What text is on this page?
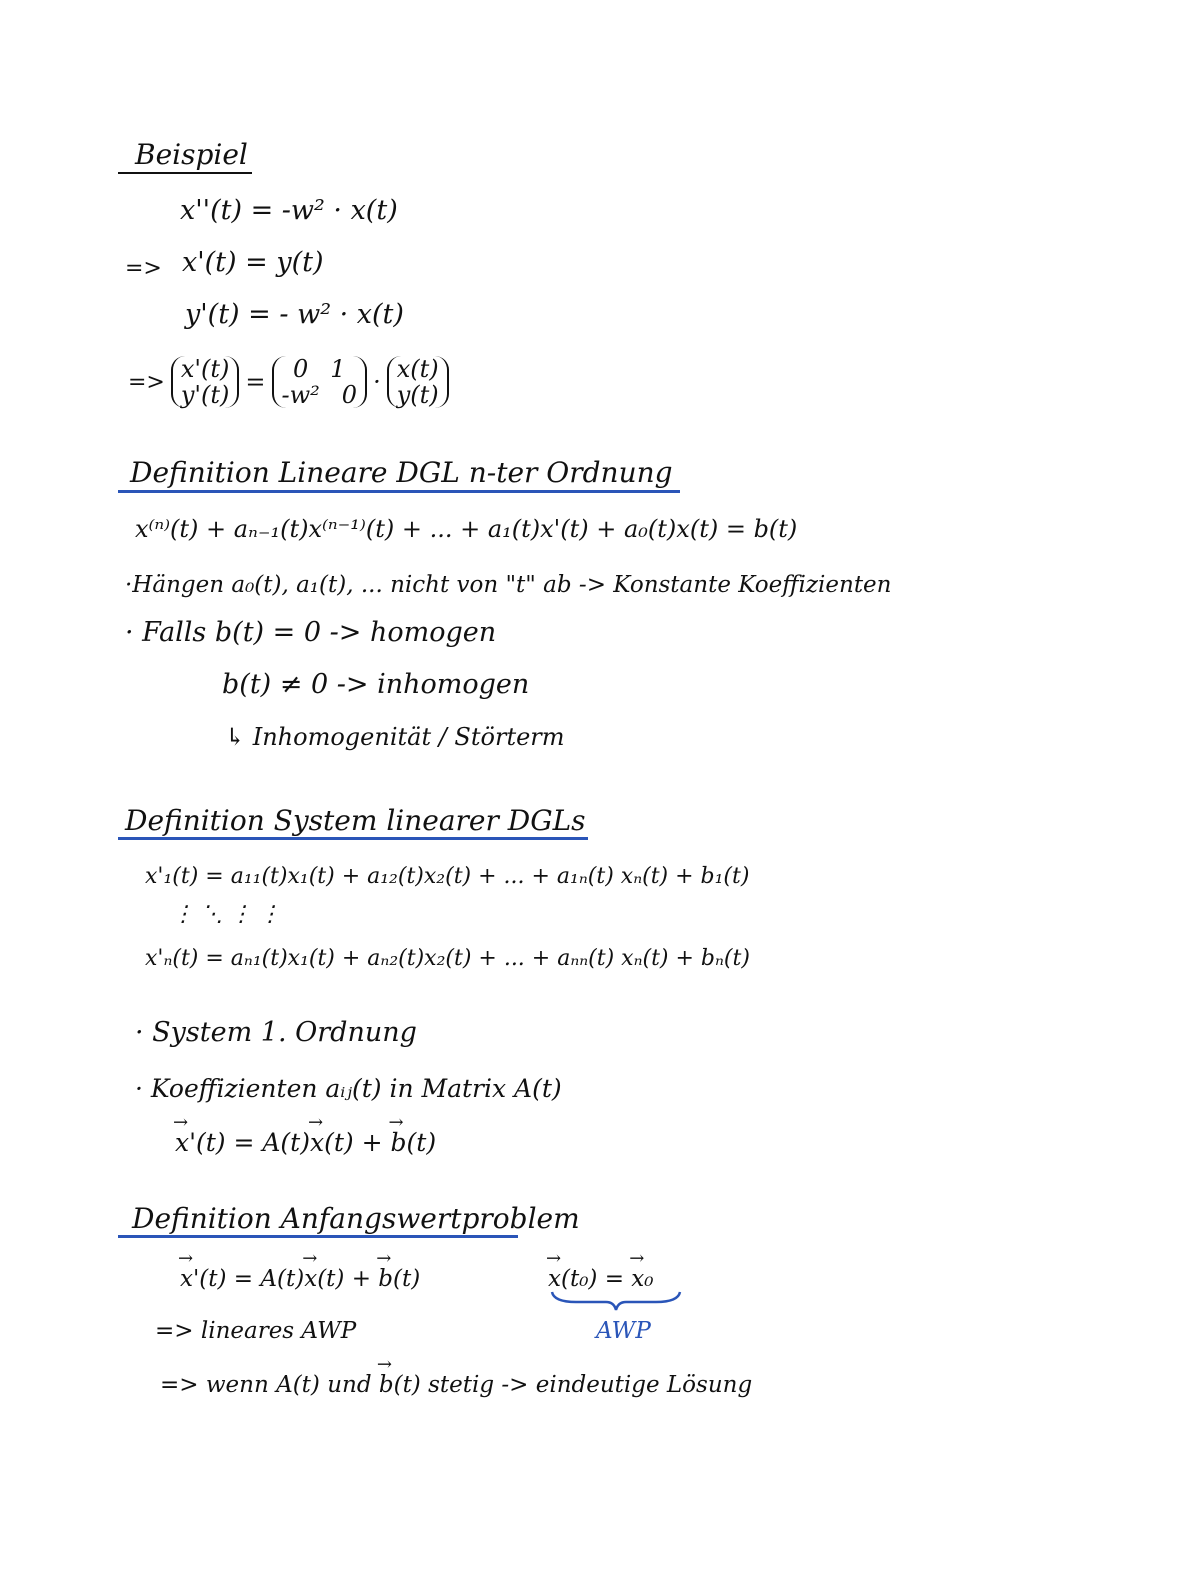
Beispiel
x''(t) = -w² · x(t)
=> x'(t) = y(t)
y'(t) = - w² · x(t)
=> x'(t)
y'(t) = 0 1
-w² 0 · x(t)
y(t)
Definition Lineare DGL n-ter Ordnung
x⁽ⁿ⁾(t) + aₙ₋₁(t)x⁽ⁿ⁻¹⁾(t) + ... + a₁(t)x'(t) + a₀(t)x(t) = b(t)
·Hängen a₀(t), a₁(t), ... nicht von "t" ab -> Konstante Koeffizienten
· Falls b(t) = 0 -> homogen
b(t) ≠ 0 -> inhomogen
↳ Inhomogenität / Störterm
Definition System linearer DGLs
x'₁(t) = a₁₁(t)x₁(t) + a₁₂(t)x₂(t) + ... + a₁ₙ(t) xₙ(t) + b₁(t)
⋮ ⋱ ⋮ ⋮
x'ₙ(t) = aₙ₁(t)x₁(t) + aₙ₂(t)x₂(t) + ... + aₙₙ(t) xₙ(t) + bₙ(t)
· System 1. Ordnung
· Koeffizienten aᵢⱼ(t) in Matrix A(t)
→ x'(t) = A(t)→ x(t) + → b(t)
Definition Anfangswertproblem
→ x'(t) = A(t)→ x(t) + → b(t)
→	x(t₀) = → x₀
AWP
=> lineares AWP
=> wenn A(t) und → b(t) stetig -> eindeutige Lösung
